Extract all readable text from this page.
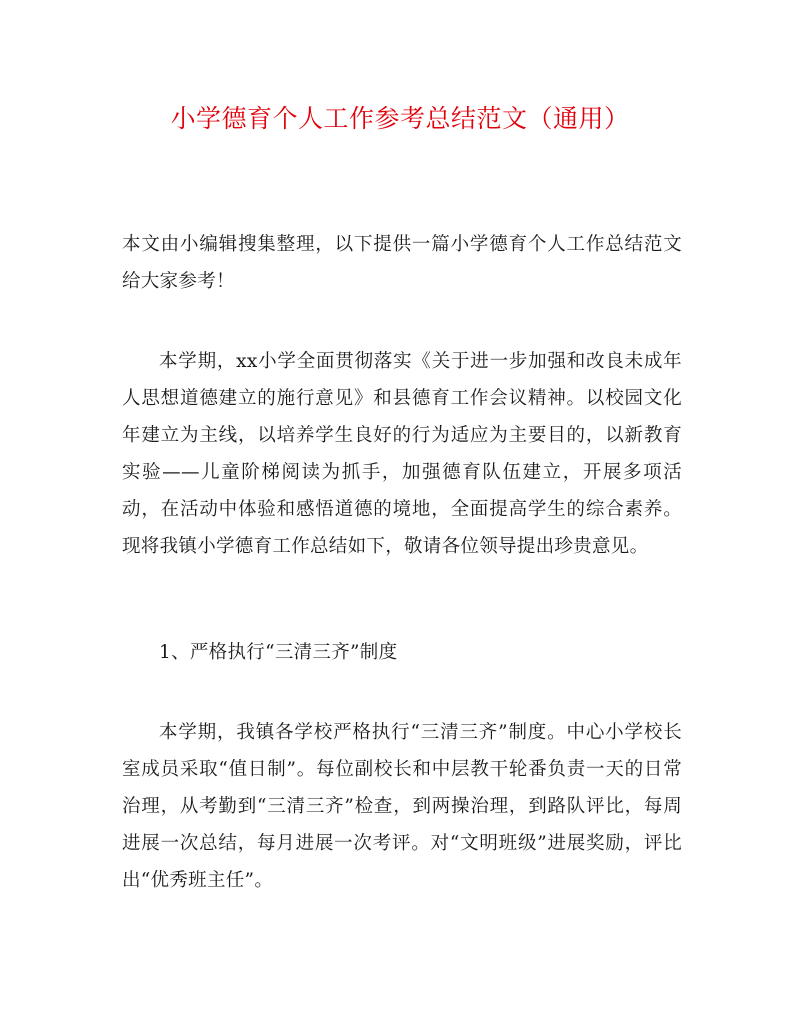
小学德育个人工作参考总结范文（通用）

本文由小编辑搜集整理，以下提供一篇小学德育个人工作总结范文给大家参考！

本学期，xx小学全面贯彻落实《关于进一步加强和改良未成年人思想道德建立的施行意见》和县德育工作会议精神。以校园文化年建立为主线，以培养学生良好的行为适应为主要目的，以新教育实验——儿童阶梯阅读为抓手，加强德育队伍建立，开展多项活动，在活动中体验和感悟道德的境地，全面提高学生的综合素养。现将我镇小学德育工作总结如下，敬请各位领导提出珍贵意见。

1、严格执行“三清三齐”制度

本学期，我镇各学校严格执行“三清三齐”制度。中心小学校长室成员采取“值日制”。每位副校长和中层教干轮番负责一天的日常治理，从考勤到“三清三齐”检查，到两操治理，到路队评比，每周进展一次总结，每月进展一次考评。对“文明班级”进展奖励，评比出“优秀班主任”。
